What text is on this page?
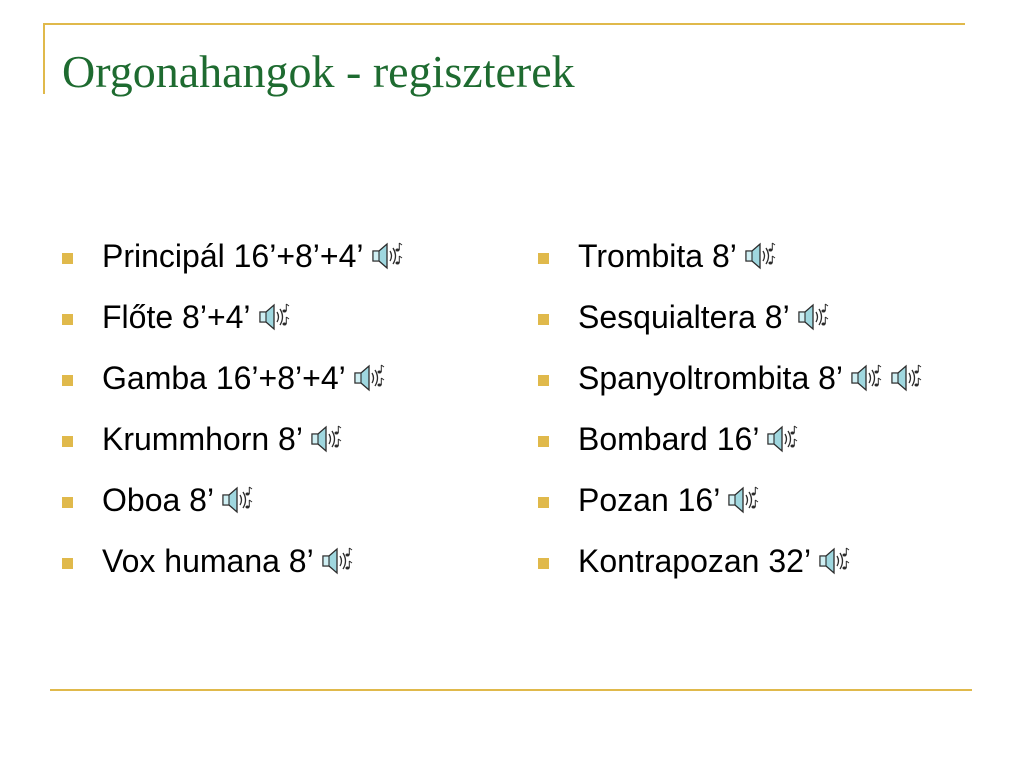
Orgonahangok - regiszterek
Principál 16’+8’+4’
Flőte 8’+4’
Gamba 16’+8’+4’
Krummhorn 8’
Oboa 8’
Vox humana 8’
Trombita 8’
Sesquialtera 8’
Spanyoltrombita 8’
Bombard 16’
Pozan 16’
Kontrapozan 32’
